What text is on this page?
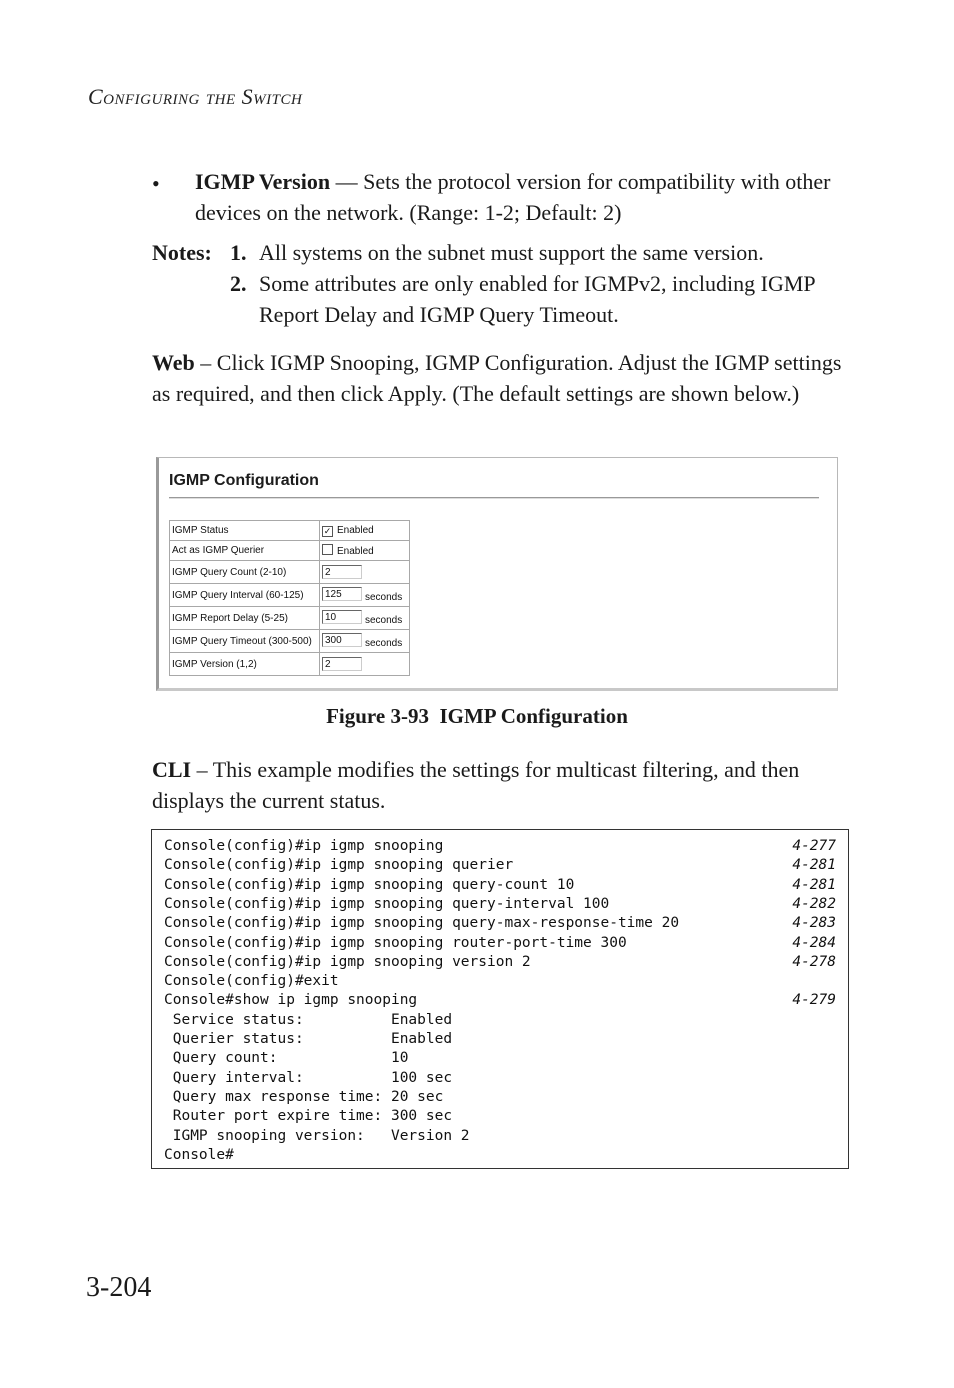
Configuring the Switch
• IGMP Version — Sets the protocol version for compatibility with other devices on the network. (Range: 1-2; Default: 2)
Notes: 1. All systems on the subnet must support the same version.
2. Some attributes are only enabled for IGMPv2, including IGMP Report Delay and IGMP Query Timeout.
Web – Click IGMP Snooping, IGMP Configuration. Adjust the IGMP settings as required, and then click Apply. (The default settings are shown below.)
IGMP Configuration
IGMP Status	✓ Enabled
Act as IGMP Querier	Enabled
IGMP Query Count (2-10)	2
IGMP Query Interval (60-125)	125 seconds
IGMP Report Delay (5-25)	10 seconds
IGMP Query Timeout (300-500)	300 seconds
IGMP Version (1,2)	2
Figure 3-93 IGMP Configuration
CLI – This example modifies the settings for multicast filtering, and then displays the current status.
Console(config)#ip igmp snooping	4-277
Console(config)#ip igmp snooping querier	4-281
Console(config)#ip igmp snooping query-count 10	4-281
Console(config)#ip igmp snooping query-interval 100	4-282
Console(config)#ip igmp snooping query-max-response-time 20	4-283
Console(config)#ip igmp snooping router-port-time 300	4-284
Console(config)#ip igmp snooping version 2	4-278
Console(config)#exit
Console#show ip igmp snooping	4-279
Service status:          Enabled
Querier status:          Enabled
Query count:             10
Query interval:          100 sec
Query max response time: 20 sec
Router port expire time: 300 sec
IGMP snooping version:   Version 2
Console#
3-204
